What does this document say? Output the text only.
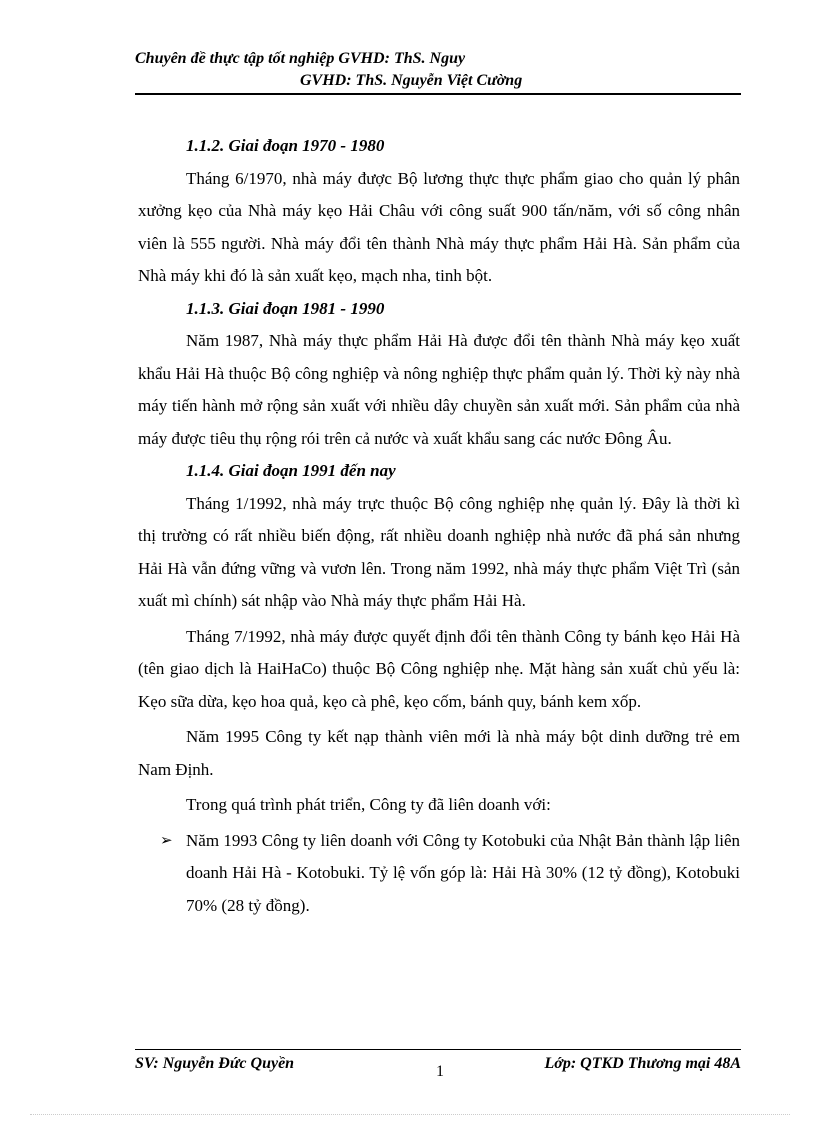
Chuyên đề thực tập tốt nghiệp GVHD: ThS. Nguy
GVHD: ThS. Nguyễn Việt Cường

1.1.2. Giai đoạn 1970 - 1980

Tháng 6/1970, nhà máy được Bộ lương thực thực phẩm giao cho quản lý phân xưởng kẹo của Nhà máy kẹo Hải Châu với công suất 900 tấn/năm, với số công nhân viên là 555 người. Nhà máy đổi tên thành Nhà máy thực phẩm Hải Hà. Sản phẩm của Nhà máy khi đó là sản xuất kẹo, mạch nha, tinh bột.

1.1.3. Giai đoạn 1981 - 1990

Năm 1987, Nhà máy thực phẩm Hải Hà được đổi tên thành Nhà máy kẹo xuất khẩu Hải Hà thuộc Bộ công nghiệp và nông nghiệp thực phẩm quản lý. Thời kỳ này nhà máy tiến hành mở rộng sản xuất với nhiều dây chuyền sản xuất mới. Sản phẩm của nhà máy được tiêu thụ rộng rói trên cả nước và xuất khẩu sang các nước Đông Âu.

1.1.4. Giai đoạn 1991 đến nay

Tháng 1/1992, nhà máy trực thuộc Bộ công nghiệp nhẹ quản lý. Đây là thời kì thị trường có rất nhiều biến động, rất nhiều doanh nghiệp nhà nước đã phá sản nhưng Hải Hà vẫn đứng vững và vươn lên. Trong năm 1992, nhà máy thực phẩm Việt Trì (sản xuất mì chính) sát nhập vào Nhà máy thực phẩm Hải Hà.

Tháng 7/1992, nhà máy được quyết định đổi tên thành Công ty bánh kẹo Hải Hà (tên giao dịch là HaiHaCo) thuộc Bộ Công nghiệp nhẹ. Mặt hàng sản xuất chủ yếu là: Kẹo sữa dừa, kẹo hoa quả, kẹo cà phê, kẹo cốm, bánh quy, bánh kem xốp.

Năm 1995 Công ty kết nạp thành viên mới là nhà máy bột dinh dưỡng trẻ em Nam Định.

Trong quá trình phát triển, Công ty đã liên doanh với:

➢ Năm 1993 Công ty liên doanh với Công ty Kotobuki của Nhật Bản thành lập liên doanh Hải Hà - Kotobuki. Tỷ lệ vốn góp là: Hải Hà 30% (12 tỷ đồng), Kotobuki 70% (28 tỷ đồng).

SV: Nguyễn Đức Quyền	1	Lớp: QTKD Thương mại 48A
